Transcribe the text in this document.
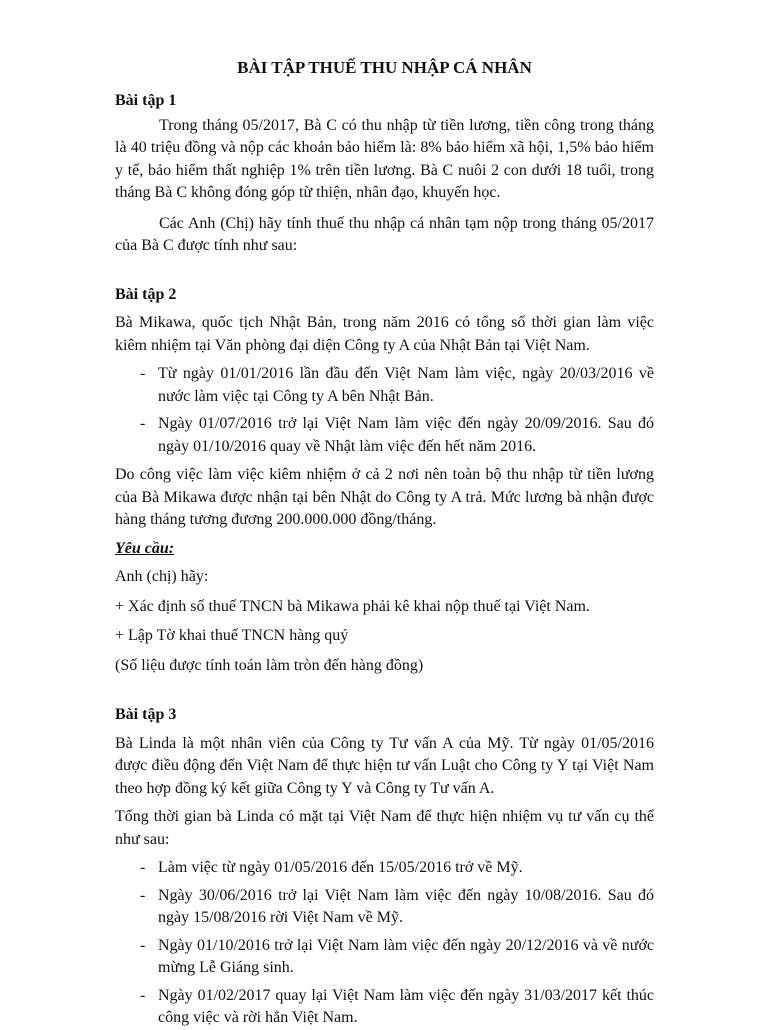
BÀI TẬP THUẾ THU NHẬP CÁ NHÂN
Bài tập 1

Trong tháng 05/2017, Bà C có thu nhập từ tiền lương, tiền công trong tháng là 40 triệu đồng và nộp các khoản bảo hiểm là: 8% bảo hiểm xã hội, 1,5% bảo hiểm y tế, bảo hiểm thất nghiệp 1% trên tiền lương. Bà C nuôi 2 con dưới 18 tuổi, trong tháng Bà C không đóng góp từ thiện, nhân đạo, khuyến học.

Các Anh (Chị) hãy tính thuế thu nhập cá nhân tạm nộp trong tháng 05/2017 của Bà C được tính như sau:

Bài tập 2

Bà Mikawa, quốc tịch Nhật Bản, trong năm 2016 có tổng số thời gian làm việc kiêm nhiệm tại Văn phòng đại diện Công ty A của Nhật Bản tại Việt Nam.

- Từ ngày 01/01/2016 lần đầu đến Việt Nam làm việc, ngày 20/03/2016 về nước làm việc tại Công ty A bên Nhật Bản.
- Ngày 01/07/2016 trở lại Việt Nam làm việc đến ngày 20/09/2016. Sau đó ngày 01/10/2016 quay về Nhật làm việc đến hết năm 2016.

Do công việc làm việc kiêm nhiệm ở cả 2 nơi nên toàn bộ thu nhập từ tiền lương của Bà Mikawa được nhận tại bên Nhật do Công ty A trả. Mức lương bà nhận được hàng tháng tương đương 200.000.000 đồng/tháng.

Yêu cầu:
Anh (chị) hãy:
+ Xác định số thuế TNCN bà Mikawa phải kê khai nộp thuế tại Việt Nam.
+ Lập Tờ khai thuế TNCN hàng quý
(Số liệu được tính toán làm tròn đến hàng đồng)
Bài tập 3

Bà Linda là một nhân viên của Công ty Tư vấn A của Mỹ. Từ ngày 01/05/2016 được điều động đến Việt Nam để thực hiện tư vấn Luật cho Công ty Y tại Việt Nam theo hợp đồng ký kết giữa Công ty Y và Công ty Tư vấn A.

Tổng thời gian bà Linda có mặt tại Việt Nam để thực hiện nhiệm vụ tư vấn cụ thể như sau:

- Làm việc từ ngày 01/05/2016 đến 15/05/2016 trở về Mỹ.
- Ngày 30/06/2016 trở lại Việt Nam làm việc đến ngày 10/08/2016. Sau đó ngày 15/08/2016 rời Việt Nam về Mỹ.
- Ngày 01/10/2016 trở lại Việt Nam làm việc đến ngày 20/12/2016 và về nước mừng Lễ Giáng sinh.
- Ngày 01/02/2017 quay lại Việt Nam làm việc đến ngày 31/03/2017 kết thúc công việc và rời hẳn Việt Nam.
